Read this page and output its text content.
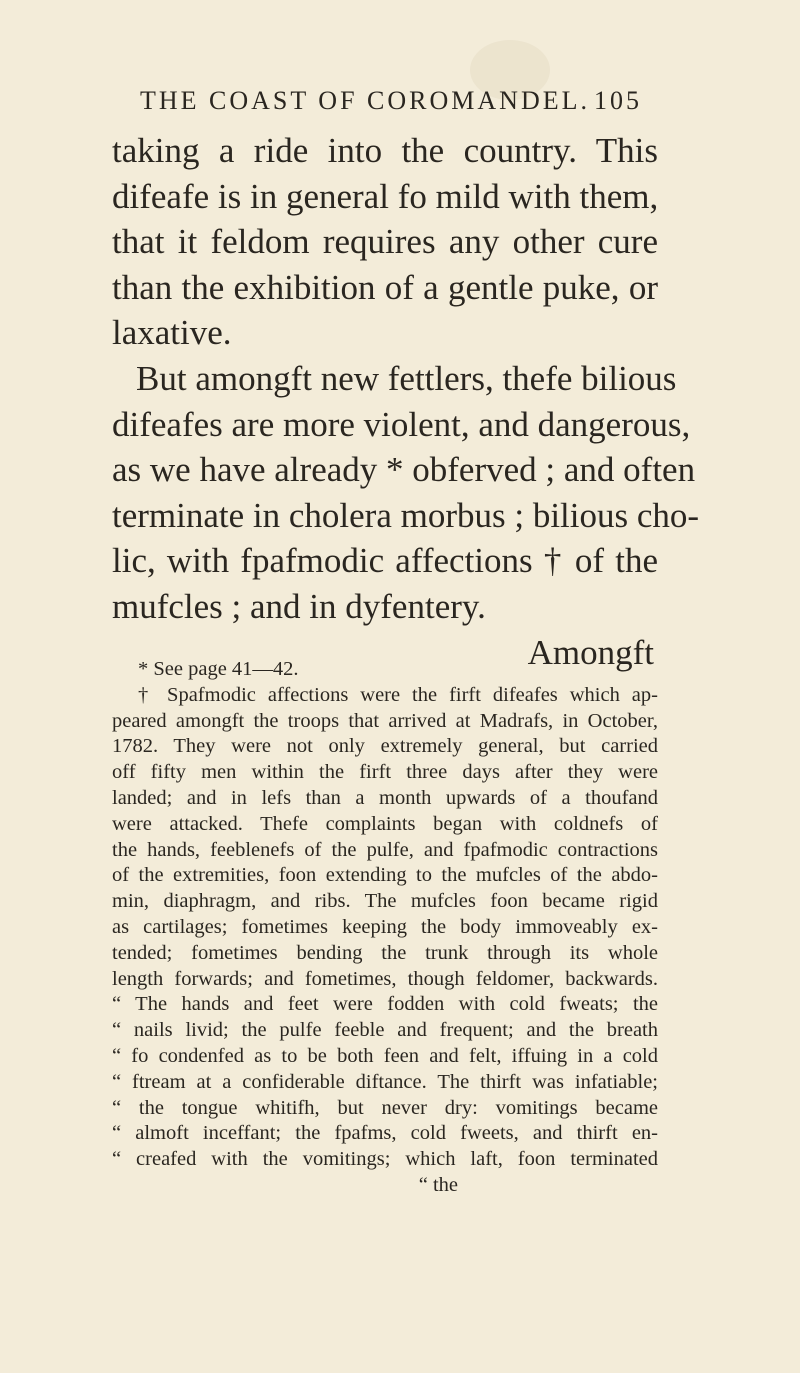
THE COAST OF COROMANDEL. 105
taking a ride into the country. This
difeafe is in general fo mild with them,
that it feldom requires any other cure
than the exhibition of a gentle puke, or
laxative.
But amongft new fettlers, thefe bilious
difeafes are more violent, and dangerous,
as we have already * obferved ; and often
terminate in cholera morbus ; bilious cho-
lic, with fpafmodic affections † of the
mufcles ; and in dyfentery.
Amongft
* See page 41—42.
† Spafmodic affections were the firft difeafes which ap-
peared amongft the troops that arrived at Madrafs, in October,
1782. They were not only extremely general, but carried
off fifty men within the firft three days after they were
landed; and in lefs than a month upwards of a thoufand
were attacked. Thefe complaints began with coldnefs of
the hands, feeblenefs of the pulfe, and fpafmodic contractions
of the extremities, foon extending to the mufcles of the abdo-
min, diaphragm, and ribs. The mufcles foon became rigid
as cartilages; fometimes keeping the body immoveably ex-
tended; fometimes bending the trunk through its whole
length forwards; and fometimes, though feldomer, backwards.
“ The hands and feet were fodden with cold fweats; the
“ nails livid; the pulfe feeble and frequent; and the breath
“ fo condenfed as to be both feen and felt, iffuing in a cold
“ ftream at a confiderable diftance. The thirft was infatiable;
“ the tongue whitifh, but never dry: vomitings became
“ almoft inceffant; the fpafms, cold fweets, and thirft en-
“ creafed with the vomitings; which laft, foon terminated
“ the
